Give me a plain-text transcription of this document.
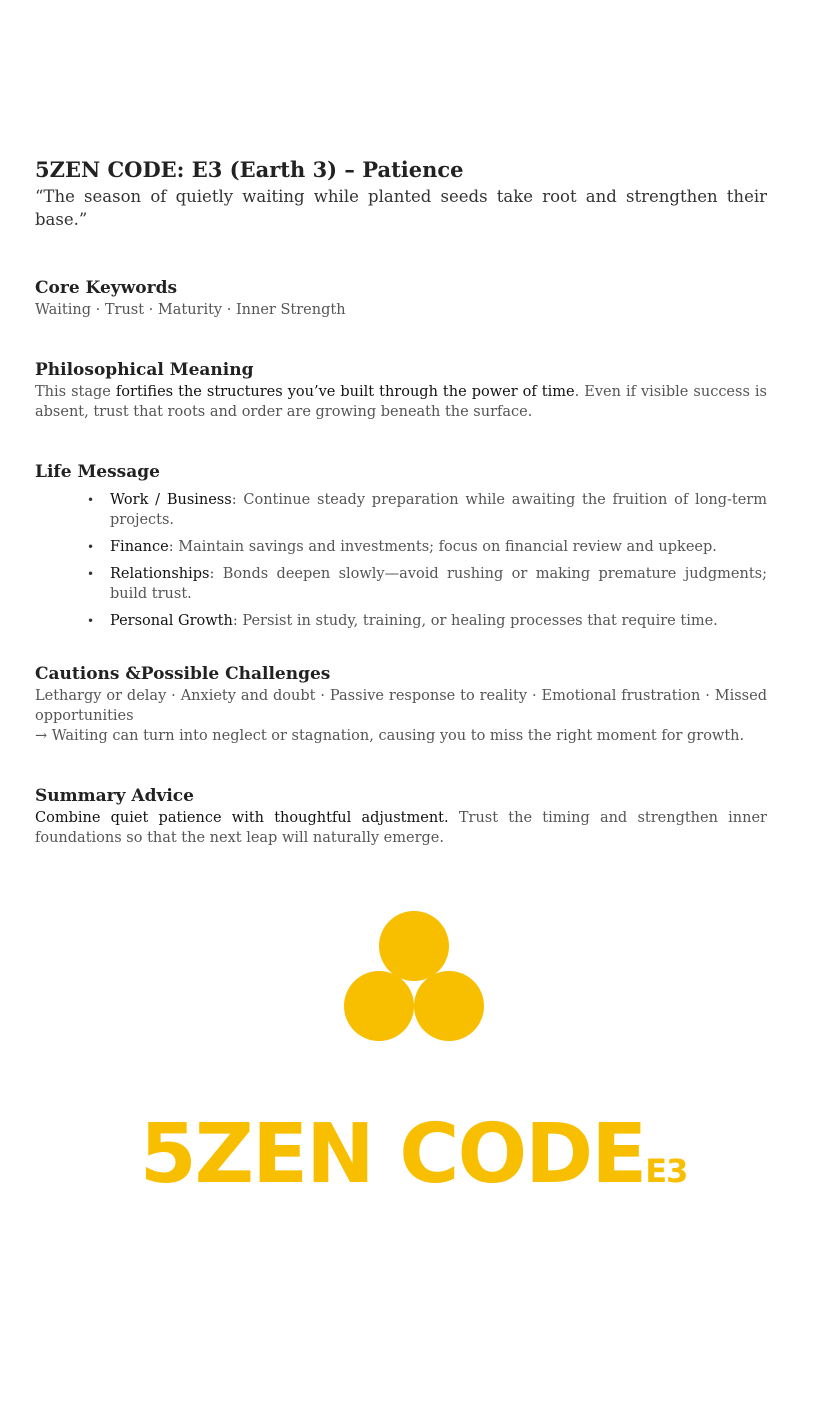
5ZEN CODE: E3 (Earth 3) – Patience

“The season of quietly waiting while planted seeds take root and strengthen their base.”

Core Keywords

Waiting · Trust · Maturity · Inner Strength

Philosophical Meaning

This stage fortifies the structures you’ve built through the power of time. Even if visible success is absent, trust that roots and order are growing beneath the surface.

Life Message
• Work / Business: Continue steady preparation while awaiting the fruition of long-term projects.
• Finance: Maintain savings and investments; focus on financial review and upkeep.
• Relationships: Bonds deepen slowly—avoid rushing or making premature judgments; build trust.
• Personal Growth: Persist in study, training, or healing processes that require time.
Cautions &Possible Challenges

Lethargy or delay · Anxiety and doubt · Passive response to reality · Emotional frustration · Missed opportunities

→ Waiting can turn into neglect or stagnation, causing you to miss the right moment for growth.

Summary Advice

Combine quiet patience with thoughtful adjustment. Trust the timing and strengthen inner foundations so that the next leap will naturally emerge.

5ZEN CODEE3
